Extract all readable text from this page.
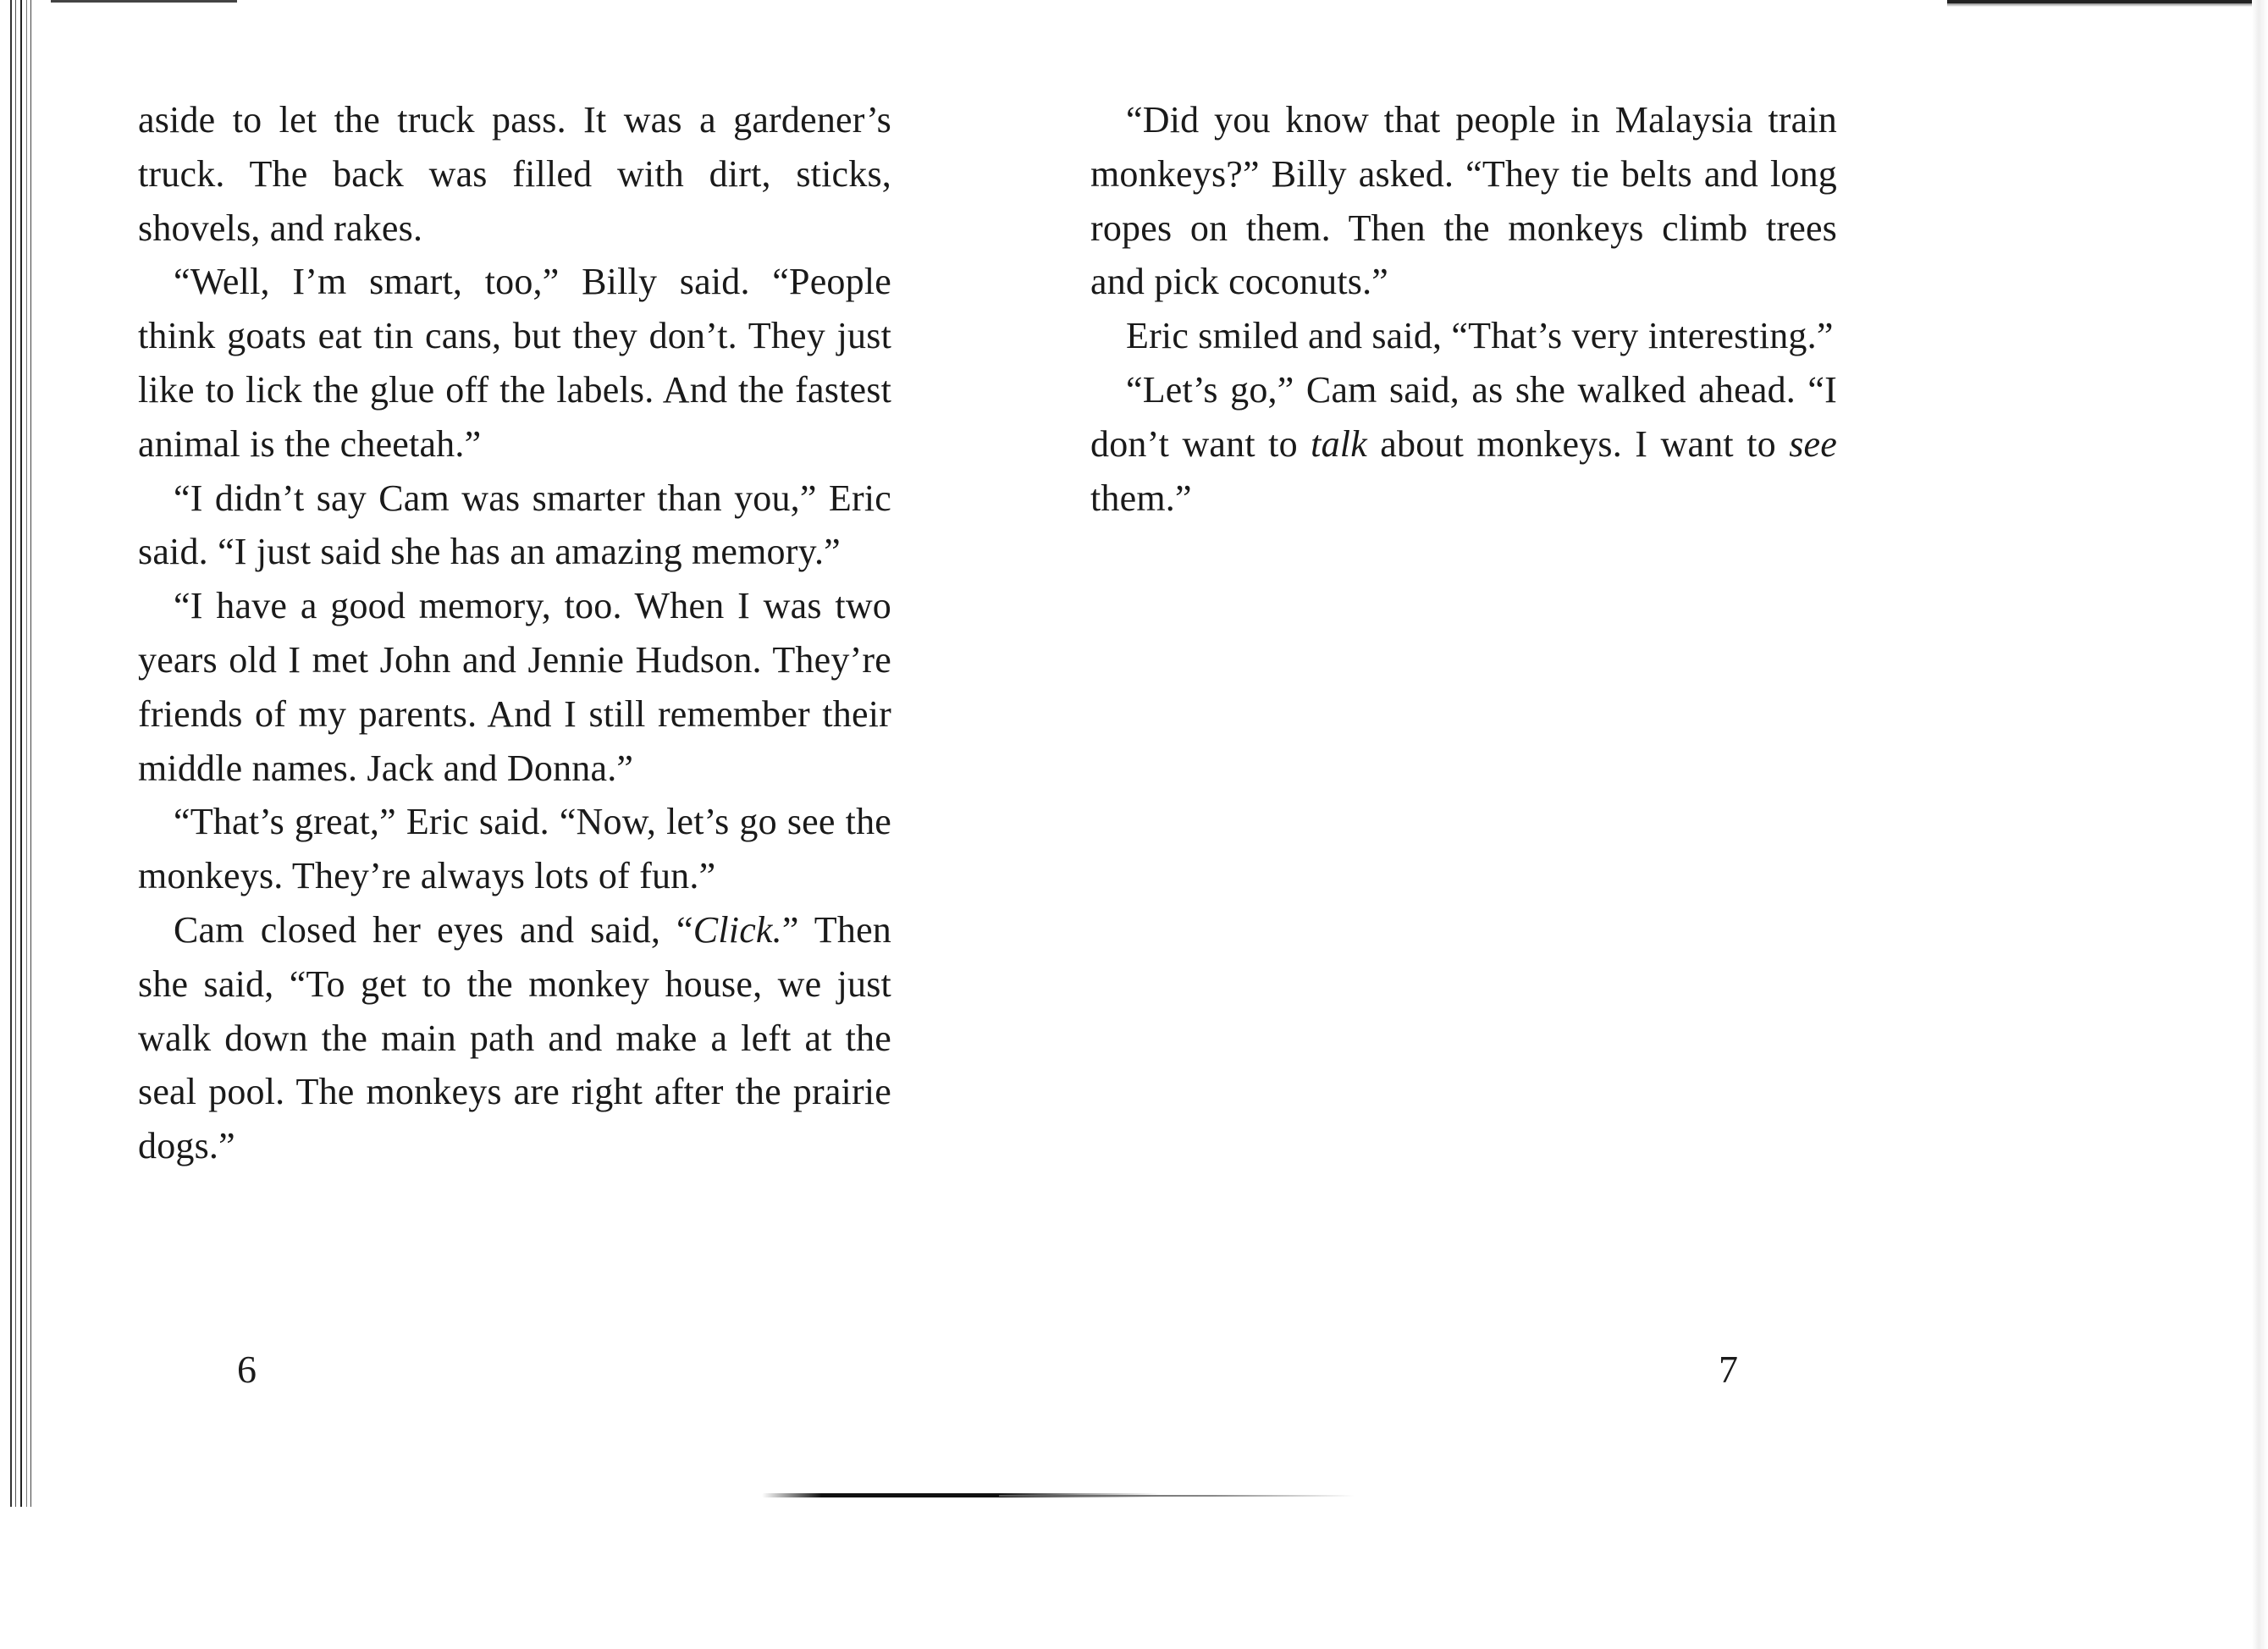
aside to let the truck pass. It was a gardener’s truck. The back was filled with dirt, sticks, shovels, and rakes.

“Well, I’m smart, too,” Billy said. “People think goats eat tin cans, but they don’t. They just like to lick the glue off the labels. And the fastest animal is the cheetah.”

“I didn’t say Cam was smarter than you,” Eric said. “I just said she has an amazing memory.”

“I have a good memory, too. When I was two years old I met John and Jennie Hudson. They’re friends of my parents. And I still remember their middle names. Jack and Donna.”

“That’s great,” Eric said. “Now, let’s go see the monkeys. They’re always lots of fun.”

Cam closed her eyes and said, “Click.” Then she said, “To get to the monkey house, we just walk down the main path and make a left at the seal pool. The monkeys are right after the prairie dogs.”

“Did you know that people in Malaysia train monkeys?” Billy asked. “They tie belts and long ropes on them. Then the monkeys climb trees and pick coconuts.”

Eric smiled and said, “That’s very interesting.”

“Let’s go,” Cam said, as she walked ahead. “I don’t want to talk about monkeys. I want to see them.”

6	7
